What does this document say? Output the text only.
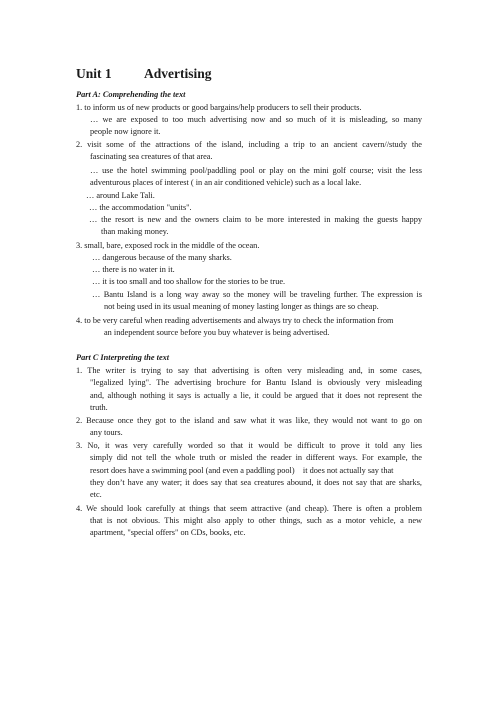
Unit 1 Advertising
Part A: Comprehending the text
1. to inform us of new products or good bargains/help producers to sell their products.
… we are exposed to too much advertising now and so much of it is misleading, so many
people now ignore it.
2. visit some of the attractions of the island, including a trip to an ancient cavern//study the
fascinating sea creatures of that area.
… use the hotel swimming pool/paddling pool or play on the mini golf course; visit the less
adventurous places of interest ( in an air conditioned vehicle) such as a local lake.
… around Lake Tali.
… the accommodation "units".
… the resort is new and the owners claim to be more interested in making the guests happy
than making money.
3. small, bare, exposed rock in the middle of the ocean.
… dangerous because of the many sharks.
… there is no water in it.
… it is too small and too shallow for the stories to be true.
… Bantu Island is a long way away so the money will be traveling further. The expression is
not being used in its usual meaning of money lasting longer as things are so cheap.
4. to be very careful when reading advertisements and always try to check the information from
an independent source before you buy whatever is being advertised.
Part C Interpreting the text
1. The writer is trying to say that advertising is often very misleading and, in some cases,
"legalized lying". The advertising brochure for Bantu Island is obviously very misleading
and, although nothing it says is actually a lie, it could be argued that it does not represent the
truth.
2. Because once they got to the island and saw what it was like, they would not want to go on
any tours.
3. No, it was very carefully worded so that it would be difficult to prove it told any lies
simply did not tell the whole truth or misled the reader in different ways. For example, the
resort does have a swimming pool (and even a paddling pool)    it does not actually say that
they don’t have any water; it does say that sea creatures abound, it does not say that are sharks,
etc.
4. We should look carefully at things that seem attractive (and cheap). There is often a problem
that is not obvious. This might also apply to other things, such as a motor vehicle, a new
apartment, "special offers" on CDs, books, etc.
